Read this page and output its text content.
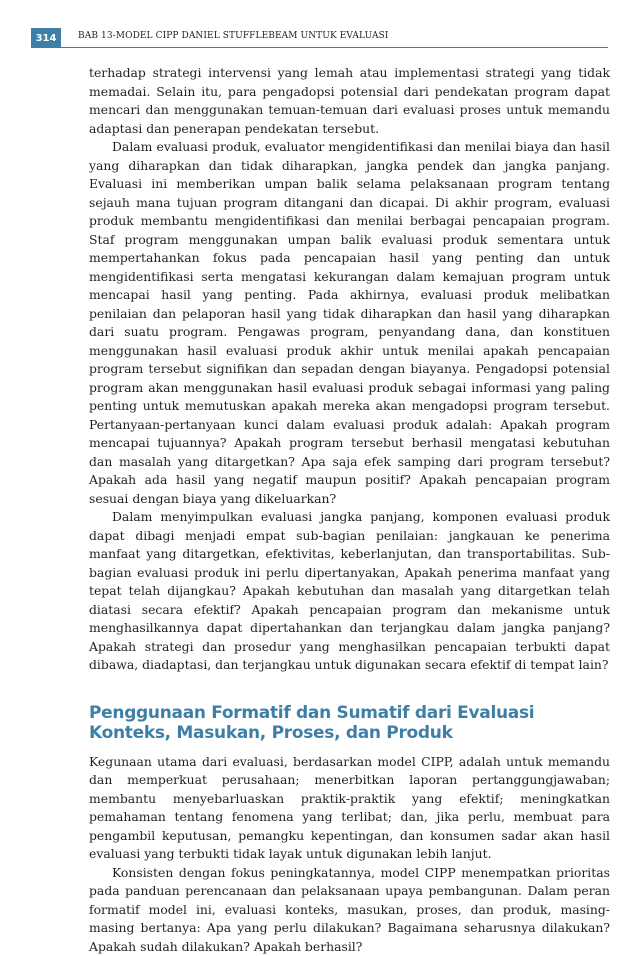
314	BAB 13-MODEL CIPP DANIEL STUFFLEBEAM UNTUK EVALUASI

terhadap strategi intervensi yang lemah atau implementasi strategi yang tidak memadai. Selain itu, para pengadopsi potensial dari pendekatan program dapat mencari dan menggunakan temuan-temuan dari evaluasi proses untuk memandu adaptasi dan penerapan pendekatan tersebut.

Dalam evaluasi produk, evaluator mengidentifikasi dan menilai biaya dan hasil yang diharapkan dan tidak diharapkan, jangka pendek dan jangka panjang. Evaluasi ini memberikan umpan balik selama pelaksanaan program tentang sejauh mana tujuan program ditangani dan dicapai. Di akhir program, evaluasi produk membantu mengidentifikasi dan menilai berbagai pencapaian program. Staf program menggunakan umpan balik evaluasi produk sementara untuk mempertahankan fokus pada pencapaian hasil yang penting dan untuk mengidentifikasi serta mengatasi kekurangan dalam kemajuan program untuk mencapai hasil yang penting. Pada akhirnya, evaluasi produk melibatkan penilaian dan pelaporan hasil yang tidak diharapkan dan hasil yang diharapkan dari suatu program. Pengawas program, penyandang dana, dan konstituen menggunakan hasil evaluasi produk akhir untuk menilai apakah pencapaian program tersebut signifikan dan sepadan dengan biayanya. Pengadopsi potensial program akan menggunakan hasil evaluasi produk sebagai informasi yang paling penting untuk memutuskan apakah mereka akan mengadopsi program tersebut. Pertanyaan-pertanyaan kunci dalam evaluasi produk adalah: Apakah program mencapai tujuannya? Apakah program tersebut berhasil mengatasi kebutuhan dan masalah yang ditargetkan? Apa saja efek samping dari program tersebut? Apakah ada hasil yang negatif maupun positif? Apakah pencapaian program sesuai dengan biaya yang dikeluarkan?

Dalam menyimpulkan evaluasi jangka panjang, komponen evaluasi produk dapat dibagi menjadi empat sub-bagian penilaian: jangkauan ke penerima manfaat yang ditargetkan, efektivitas, keberlanjutan, dan transportabilitas. Sub-bagian evaluasi produk ini perlu dipertanyakan, Apakah penerima manfaat yang tepat telah dijangkau? Apakah kebutuhan dan masalah yang ditargetkan telah diatasi secara efektif? Apakah pencapaian program dan mekanisme untuk menghasilkannya dapat dipertahankan dan terjangkau dalam jangka panjang? Apakah strategi dan prosedur yang menghasilkan pencapaian terbukti dapat dibawa, diadaptasi, dan terjangkau untuk digunakan secara efektif di tempat lain?

Penggunaan Formatif dan Sumatif dari Evaluasi Konteks, Masukan, Proses, dan Produk

Kegunaan utama dari evaluasi, berdasarkan model CIPP, adalah untuk memandu dan memperkuat perusahaan; menerbitkan laporan pertanggungjawaban; membantu menyebarluaskan praktik-praktik yang efektif; meningkatkan pemahaman tentang fenomena yang terlibat; dan, jika perlu, membuat para pengambil keputusan, pemangku kepentingan, dan konsumen sadar akan hasil evaluasi yang terbukti tidak layak untuk digunakan lebih lanjut.

Konsisten dengan fokus peningkatannya, model CIPP menempatkan prioritas pada panduan perencanaan dan pelaksanaan upaya pembangunan. Dalam peran formatif model ini, evaluasi konteks, masukan, proses, dan produk, masing-masing bertanya: Apa yang perlu dilakukan? Bagaimana seharusnya dilakukan? Apakah sudah dilakukan? Apakah berhasil?
